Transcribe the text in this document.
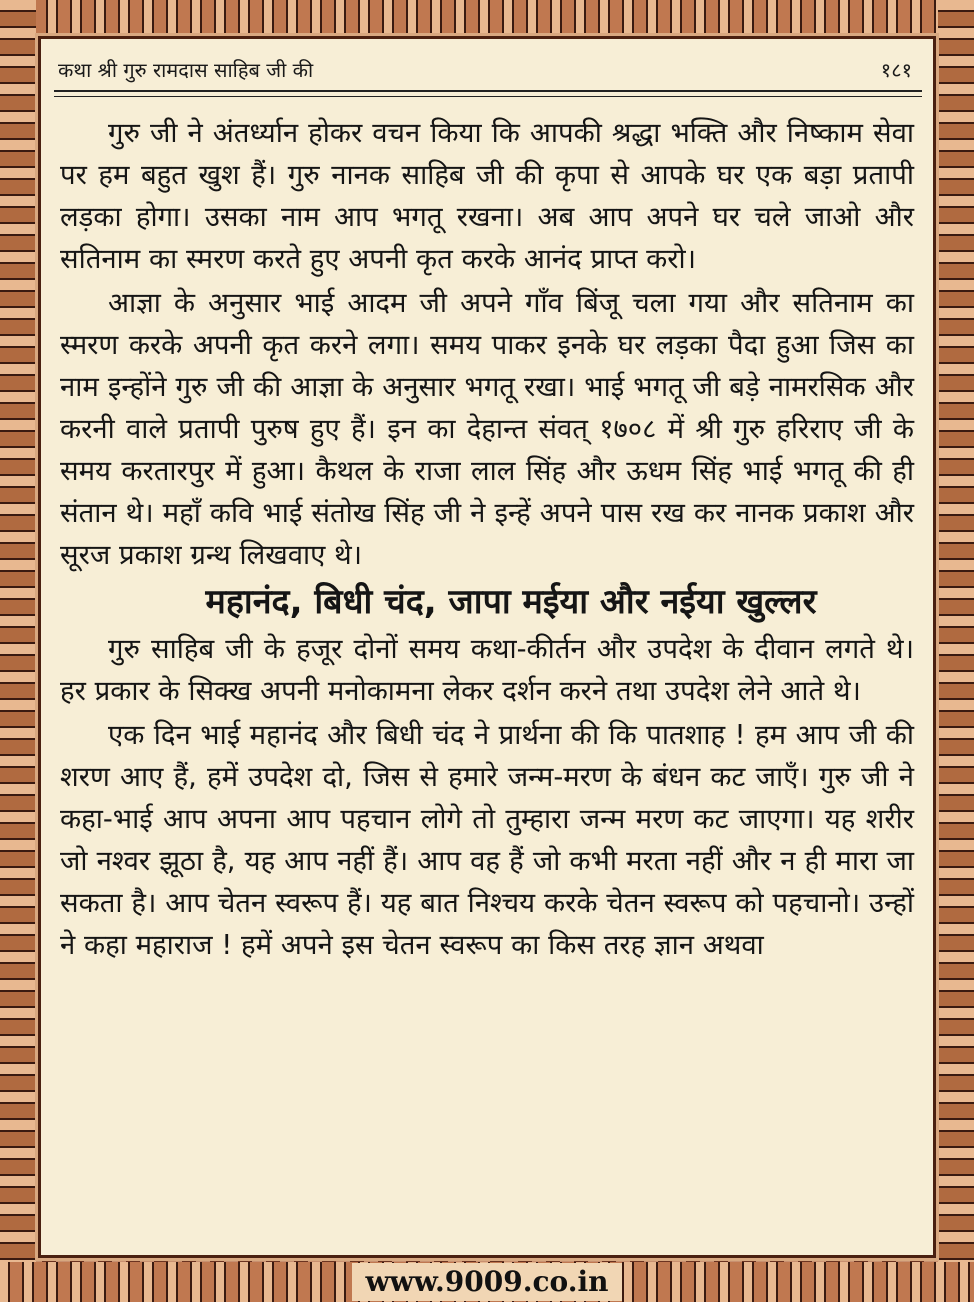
कथा श्री गुरु रामदास साहिब जी की	१८१

गुरु जी ने अंतर्ध्यान होकर वचन किया कि आपकी श्रद्धा भक्ति और निष्काम सेवा पर हम बहुत खुश हैं। गुरु नानक साहिब जी की कृपा से आपके घर एक बड़ा प्रतापी लड़का होगा। उसका नाम आप भगतू रखना। अब आप अपने घर चले जाओ और सतिनाम का स्मरण करते हुए अपनी कृत करके आनंद प्राप्त करो।

आज्ञा के अनुसार भाई आदम जी अपने गाँव बिंजू चला गया और सतिनाम का स्मरण करके अपनी कृत करने लगा। समय पाकर इनके घर लड़का पैदा हुआ जिस का नाम इन्होंने गुरु जी की आज्ञा के अनुसार भगतू रखा। भाई भगतू जी बड़े नामरसिक और करनी वाले प्रतापी पुरुष हुए हैं। इन का देहान्त संवत् १७०८ में श्री गुरु हरिराए जी के समय करतारपुर में हुआ। कैथल के राजा लाल सिंह और ऊधम सिंह भाई भगतू की ही संतान थे। महाँ कवि भाई संतोख सिंह जी ने इन्हें अपने पास रख कर नानक प्रकाश और सूरज प्रकाश ग्रन्थ लिखवाए थे।

महानंद, बिधी चंद, जापा मईया और नईया खुल्लर

गुरु साहिब जी के हजूर दोनों समय कथा-कीर्तन और उपदेश के दीवान लगते थे। हर प्रकार के सिक्ख अपनी मनोकामना लेकर दर्शन करने तथा उपदेश लेने आते थे।

एक दिन भाई महानंद और बिधी चंद ने प्रार्थना की कि पातशाह ! हम आप जी की शरण आए हैं, हमें उपदेश दो, जिस से हमारे जन्म-मरण के बंधन कट जाएँ। गुरु जी ने कहा-भाई आप अपना आप पहचान लोगे तो तुम्हारा जन्म मरण कट जाएगा। यह शरीर जो नश्वर झूठा है, यह आप नहीं हैं। आप वह हैं जो कभी मरता नहीं और न ही मारा जा सकता है। आप चेतन स्वरूप हैं। यह बात निश्चय करके चेतन स्वरूप को पहचानो। उन्हों ने कहा महाराज ! हमें अपने इस चेतन स्वरूप का किस तरह ज्ञान अथवा

www.9009.co.in
